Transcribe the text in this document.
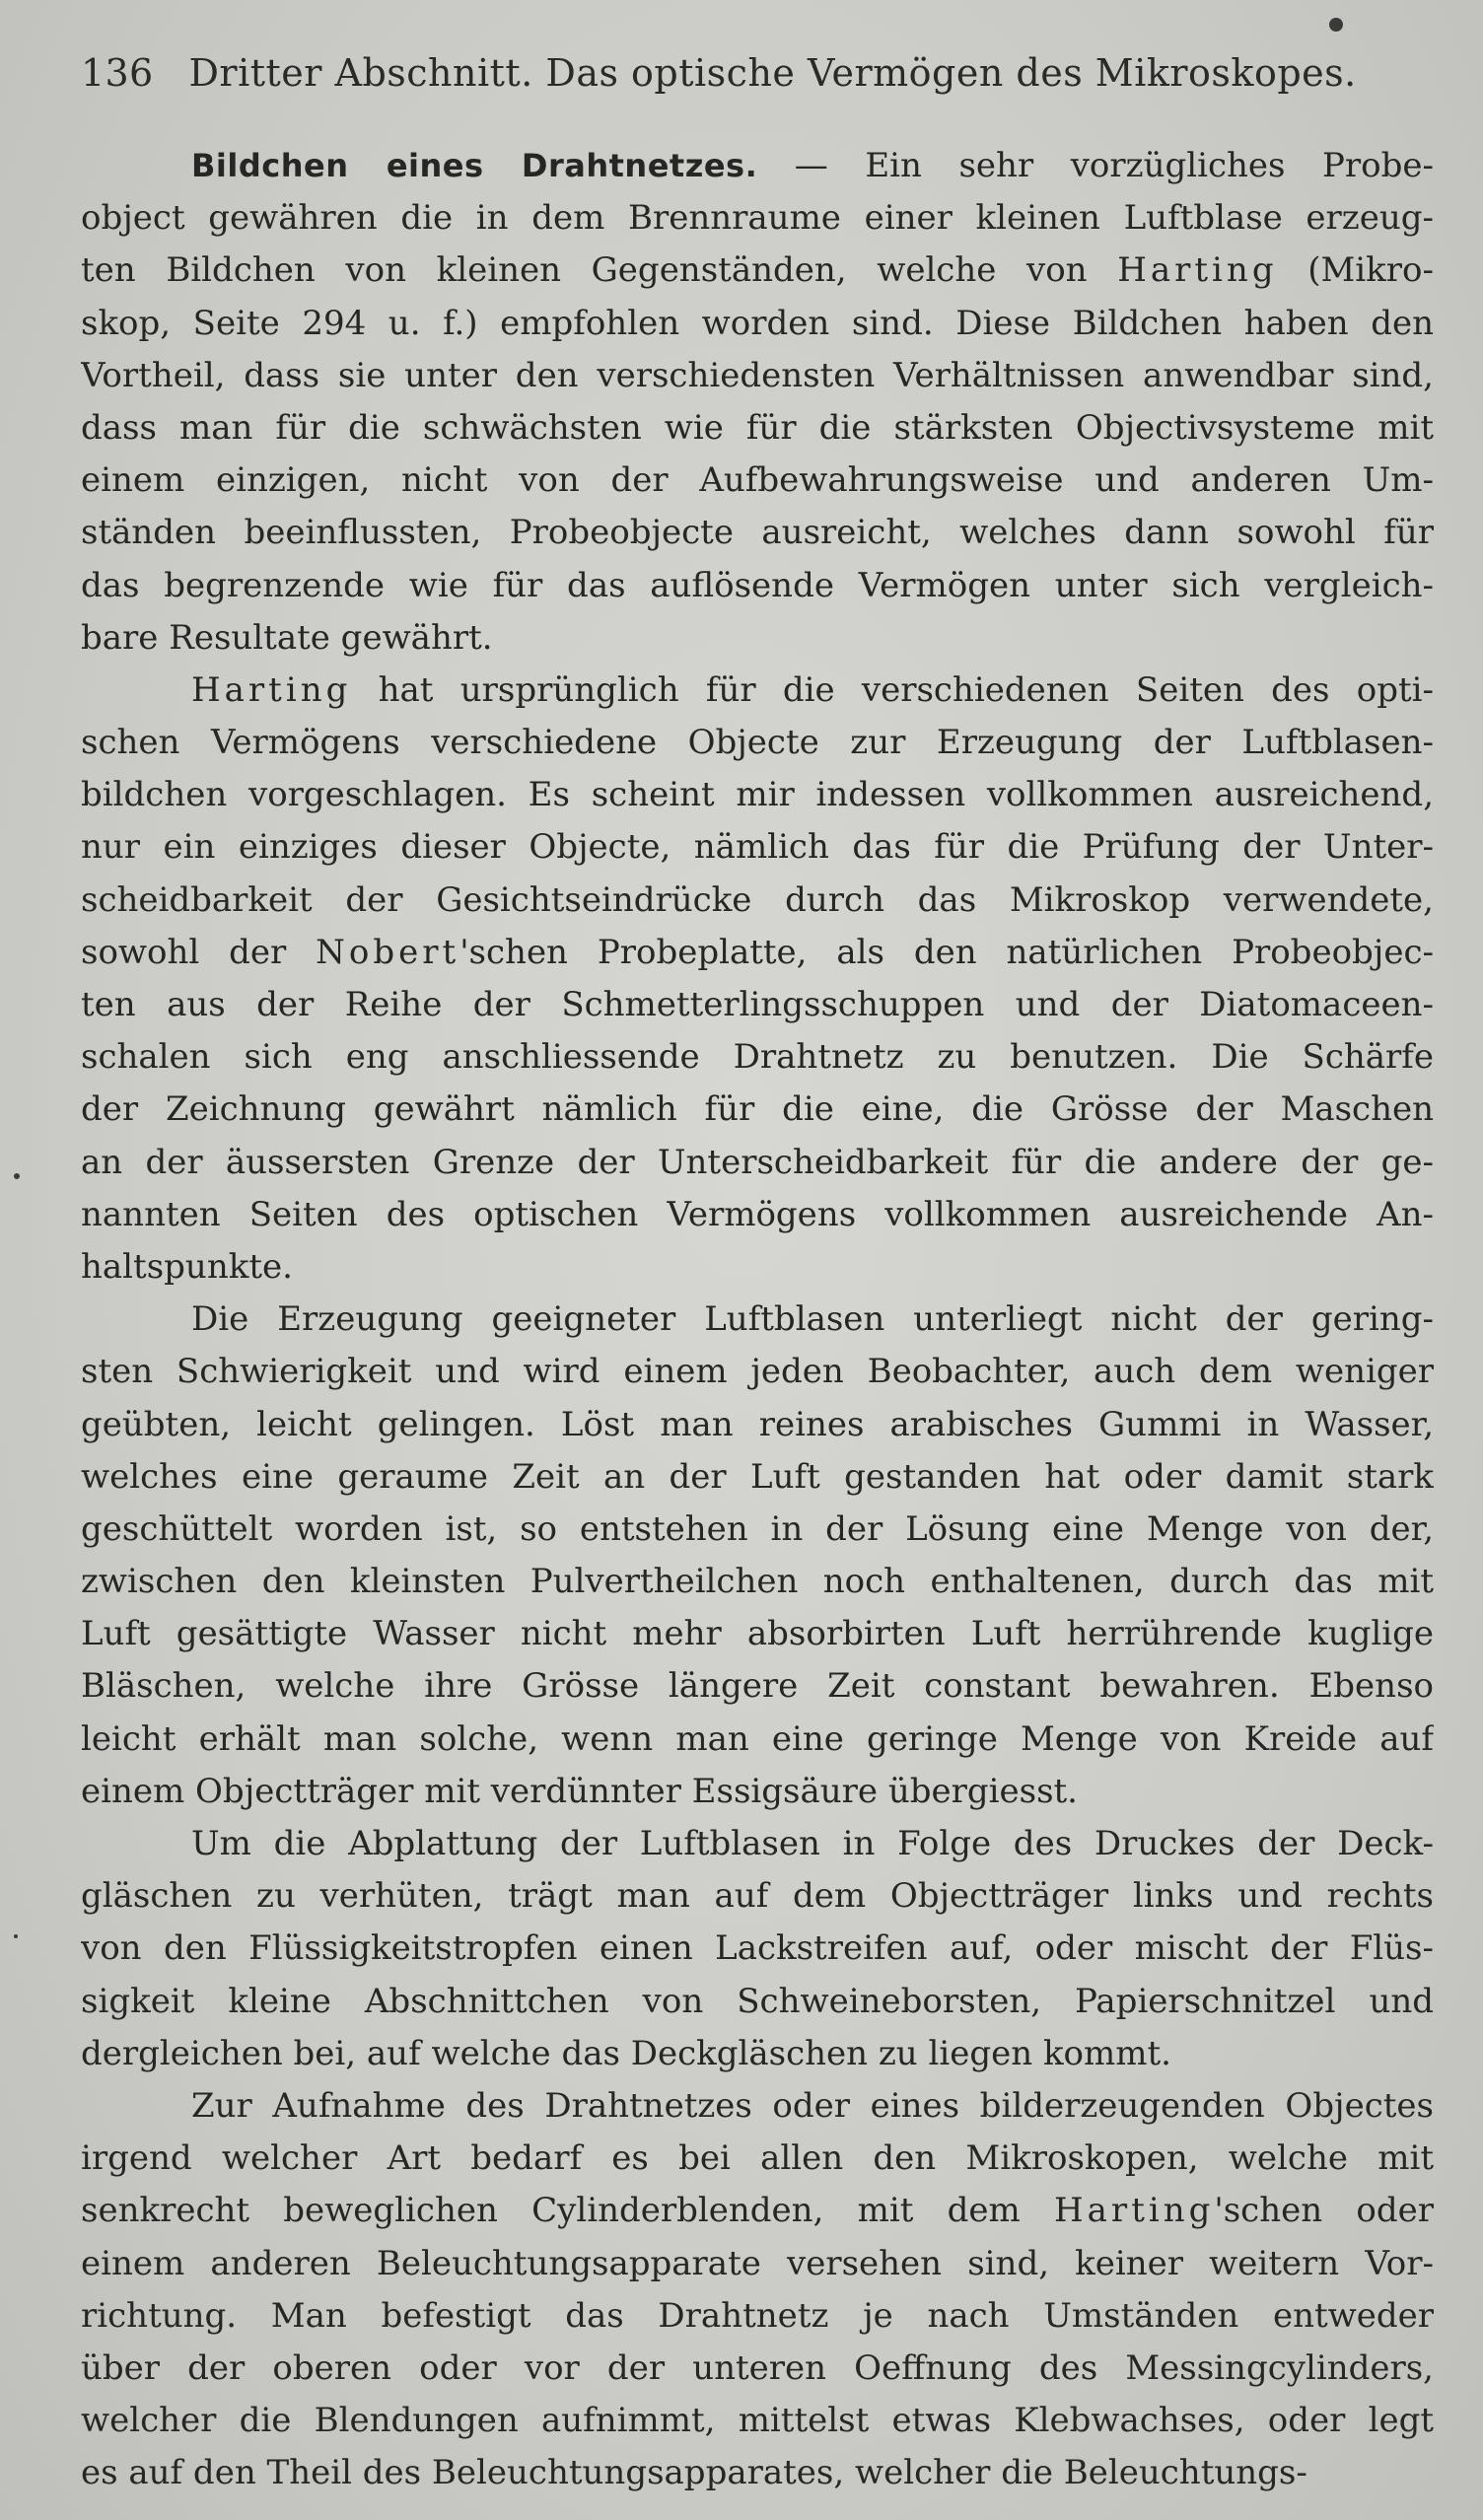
136 Dritter Abschnitt. Das optische Vermögen des Mikroskopes.
Bildchen eines Drahtnetzes. — Ein sehr vorzügliches Probe-
object gewähren die in dem Brennraume einer kleinen Luftblase erzeug-
ten Bildchen von kleinen Gegenständen, welche von Harting (Mikro-
skop, Seite 294 u. f.) empfohlen worden sind. Diese Bildchen haben den
Vortheil, dass sie unter den verschiedensten Verhältnissen anwendbar sind,
dass man für die schwächsten wie für die stärksten Objectivsysteme mit
einem einzigen, nicht von der Aufbewahrungsweise und anderen Um-
ständen beeinflussten, Probeobjecte ausreicht, welches dann sowohl für
das begrenzende wie für das auflösende Vermögen unter sich vergleich-
bare Resultate gewährt.
Harting hat ursprünglich für die verschiedenen Seiten des opti-
schen Vermögens verschiedene Objecte zur Erzeugung der Luftblasen-
bildchen vorgeschlagen. Es scheint mir indessen vollkommen ausreichend,
nur ein einziges dieser Objecte, nämlich das für die Prüfung der Unter-
scheidbarkeit der Gesichtseindrücke durch das Mikroskop verwendete,
sowohl der Nobert'schen Probeplatte, als den natürlichen Probeobjec-
ten aus der Reihe der Schmetterlingsschuppen und der Diatomaceen-
schalen sich eng anschliessende Drahtnetz zu benutzen. Die Schärfe
der Zeichnung gewährt nämlich für die eine, die Grösse der Maschen
an der äussersten Grenze der Unterscheidbarkeit für die andere der ge-
nannten Seiten des optischen Vermögens vollkommen ausreichende An-
haltspunkte.
Die Erzeugung geeigneter Luftblasen unterliegt nicht der gering-
sten Schwierigkeit und wird einem jeden Beobachter, auch dem weniger
geübten, leicht gelingen. Löst man reines arabisches Gummi in Wasser,
welches eine geraume Zeit an der Luft gestanden hat oder damit stark
geschüttelt worden ist, so entstehen in der Lösung eine Menge von der,
zwischen den kleinsten Pulvertheilchen noch enthaltenen, durch das mit
Luft gesättigte Wasser nicht mehr absorbirten Luft herrührende kuglige
Bläschen, welche ihre Grösse längere Zeit constant bewahren. Ebenso
leicht erhält man solche, wenn man eine geringe Menge von Kreide auf
einem Objectträger mit verdünnter Essigsäure übergiesst.
Um die Abplattung der Luftblasen in Folge des Druckes der Deck-
gläschen zu verhüten, trägt man auf dem Objectträger links und rechts
von den Flüssigkeitstropfen einen Lackstreifen auf, oder mischt der Flüs-
sigkeit kleine Abschnittchen von Schweineborsten, Papierschnitzel und
dergleichen bei, auf welche das Deckgläschen zu liegen kommt.
Zur Aufnahme des Drahtnetzes oder eines bilderzeugenden Objectes
irgend welcher Art bedarf es bei allen den Mikroskopen, welche mit
senkrecht beweglichen Cylinderblenden, mit dem Harting'schen oder
einem anderen Beleuchtungsapparate versehen sind, keiner weitern Vor-
richtung. Man befestigt das Drahtnetz je nach Umständen entweder
über der oberen oder vor der unteren Oeffnung des Messingcylinders,
welcher die Blendungen aufnimmt, mittelst etwas Klebwachses, oder legt
es auf den Theil des Beleuchtungsapparates, welcher die Beleuchtungs-
